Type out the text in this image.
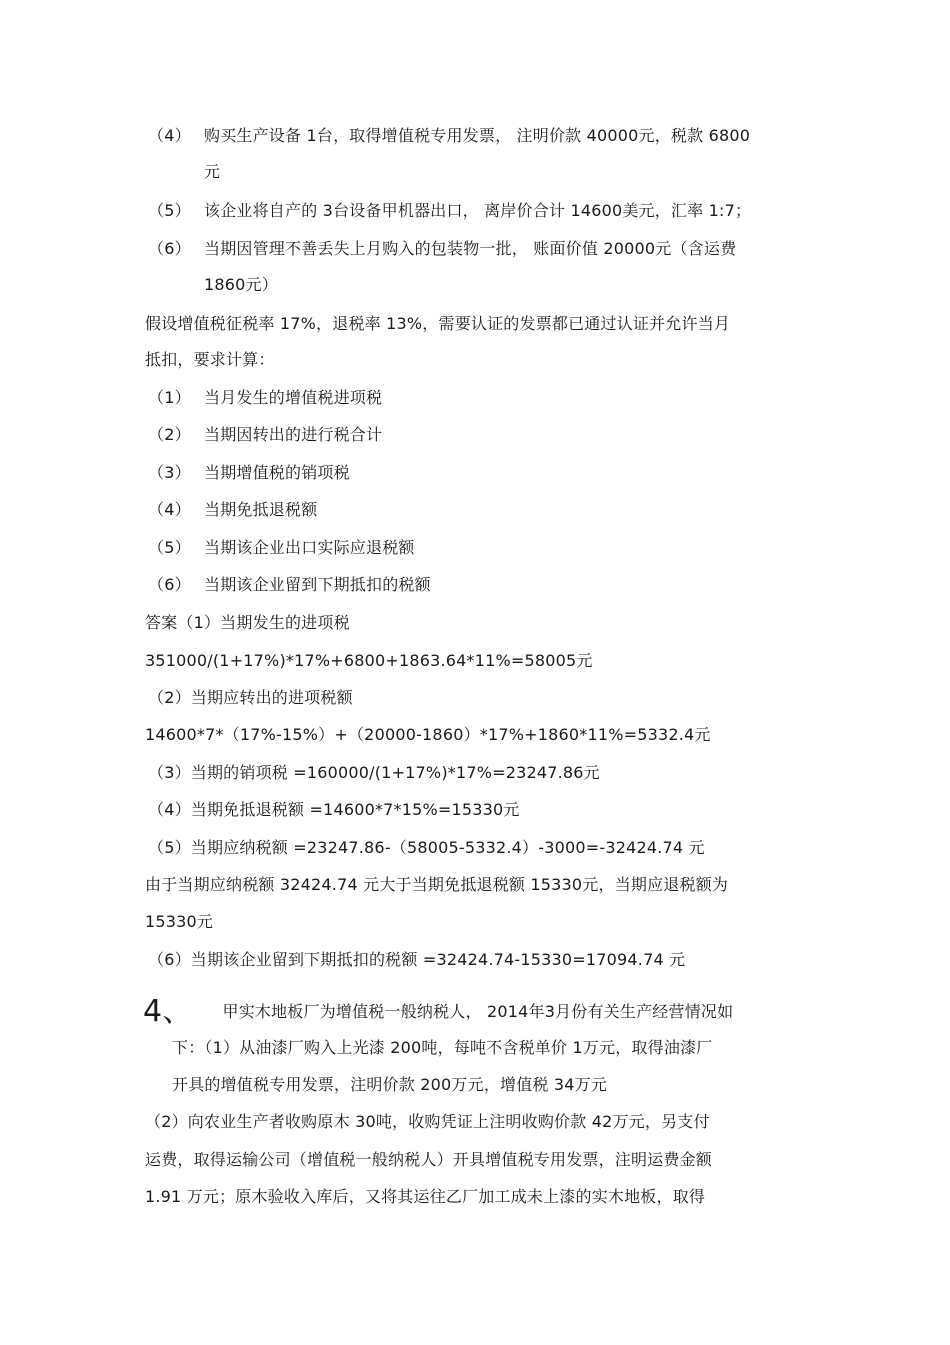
（4） 购买生产设备 1台，取得增值税专用发票， 注明价款 40000元，税款 6800
元
（5） 该企业将自产的 3台设备甲机器出口， 离岸价合计 14600美元，汇率 1:7；
（6） 当期因管理不善丢失上月购入的包装物一批， 账面价值 20000元（含运费
1860元）
假设增值税征税率 17%，退税率 13%，需要认证的发票都已通过认证并允许当月
抵扣，要求计算：
（1） 当月发生的增值税进项税
（2） 当期因转出的进行税合计
（3） 当期增值税的销项税
（4） 当期免抵退税额
（5） 当期该企业出口实际应退税额
（6） 当期该企业留到下期抵扣的税额
答案（1）当期发生的进项税
351000/(1+17%)*17%+6800+1863.64*11%=58005元
（2）当期应转出的进项税额
14600*7*（17%-15%）+（20000-1860）*17%+1860*11%=5332.4元
（3）当期的销项税 =160000/(1+17%)*17%=23247.86元
（4）当期免抵退税额 =14600*7*15%=15330元
（5）当期应纳税额 =23247.86-（58005-5332.4）-3000=-32424.74 元
由于当期应纳税额 32424.74 元大于当期免抵退税额 15330元，当期应退税额为
15330元
（6）当期该企业留到下期抵扣的税额 =32424.74-15330=17094.74 元
4、 甲实木地板厂为增值税一般纳税人， 2014年3月份有关生产经营情况如
下：（1）从油漆厂购入上光漆 200吨，每吨不含税单价 1万元，取得油漆厂
开具的增值税专用发票，注明价款 200万元，增值税 34万元
（2）向农业生产者收购原木 30吨，收购凭证上注明收购价款 42万元，另支付
运费，取得运输公司（增值税一般纳税人）开具增值税专用发票，注明运费金额
1.91 万元；原木验收入库后，又将其运往乙厂加工成未上漆的实木地板，取得
